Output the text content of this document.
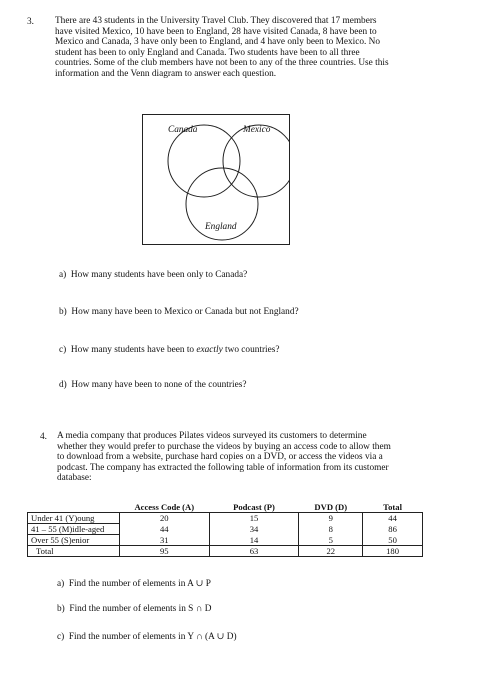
3. There are 43 students in the University Travel Club. They discovered that 17 members
have visited Mexico, 10 have been to England, 28 have visited Canada, 8 have been to
Mexico and Canada, 3 have only been to England, and 4 have only been to Mexico. No
student has been to only England and Canada. Two students have been to all three
countries. Some of the club members have not been to any of the three countries. Use this
information and the Venn diagram to answer each question.
Canada	Mexico
England
a) How many students have been only to Canada?
b) How many have been to Mexico or Canada but not England?
c) How many students have been to exactly two countries?
d) How many have been to none of the countries?
4. A media company that produces Pilates videos surveyed its customers to determine
whether they would prefer to purchase the videos by buying an access code to allow them
to download from a website, purchase hard copies on a DVD, or access the videos via a
podcast. The company has extracted the following table of information from its customer
database:
	Access Code (A)	Podcast (P)	DVD (D)	Total
Under 41 (Y)oung	20	15	9	44
41 – 55 (M)idle-aged	44	34	8	86
Over 55 (S)enior	31	14	5	50
Total	95	63	22	180
a) Find the number of elements in A ∪ P
b) Find the number of elements in S ∩ D
c) Find the number of elements in Y ∩ (A ∪ D)
